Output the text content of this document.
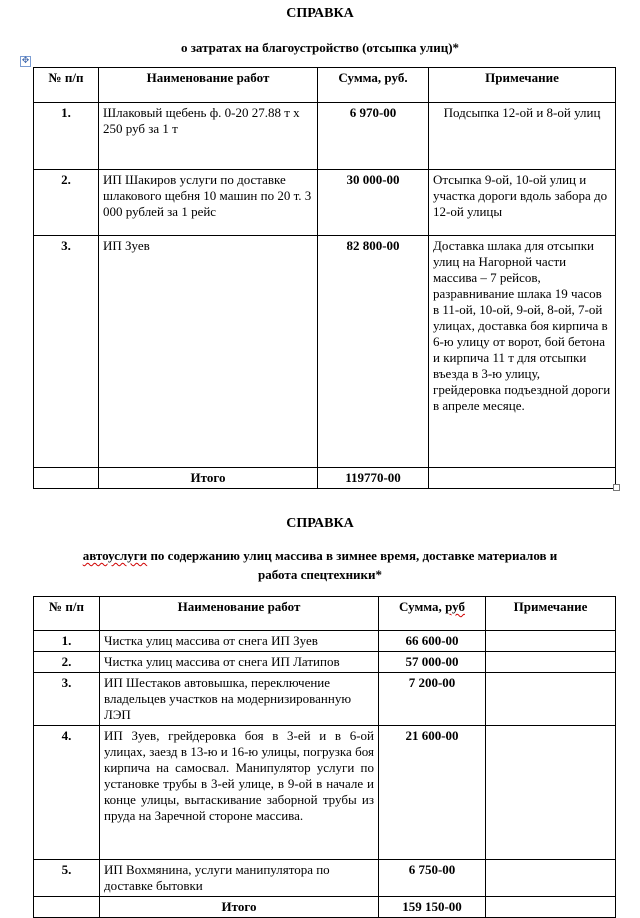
СПРАВКА
о затратах на благоустройство (отсыпка улиц)*
✥
№ п/п	Наименование работ	Сумма, руб.	Примечание
1.	Шлаковый щебень ф. 0-20 27.88 т х 250 руб за 1 т	6 970-00	Подсыпка 12-ой и 8-ой улиц
2.	ИП Шакиров услуги по доставке шлакового щебня 10 машин по 20 т. 3 000 рублей за 1 рейс	30 000-00	Отсыпка 9-ой, 10-ой улиц и участка дороги вдоль забора до 12-ой улицы
3.	ИП Зуев	82 800-00	Доставка шлака для отсыпки улиц на Нагорной части массива – 7 рейсов, разравнивание шлака 19 часов в 11-ой, 10-ой, 9-ой, 8-ой, 7-ой улицах, доставка боя кирпича в 6-ю улицу от ворот, бой бетона и кирпича 11 т для отсыпки въезда в 3-ю улицу, грейдеровка подъездной дороги в апреле месяце.
	Итого	119770-00	
СПРАВКА
автоуслуги по содержанию улиц массива в зимнее время, доставке материалов и
работа спецтехники*
№ п/п	Наименование работ	Сумма, руб	Примечание
1.	Чистка улиц массива от снега ИП Зуев	66 600-00	
2.	Чистка улиц массива от снега ИП Латипов	57 000-00	
3.	ИП Шестаков автовышка, переключение владельцев участков на модернизированную ЛЭП	7 200-00	
4.	ИП Зуев, грейдеровка боя в 3-ей и в 6-ой улицах, заезд в 13-ю и 16-ю улицы, погрузка боя кирпича на самосвал. Манипулятор услуги по установке трубы в 3-ей улице, в 9-ой в начале и конце улицы, вытаскивание заборной трубы из пруда на Заречной стороне массива.	21 600-00	
5.	ИП Вохмянина, услуги манипулятора по доставке бытовки	6 750-00	
	Итого	159 150-00	
